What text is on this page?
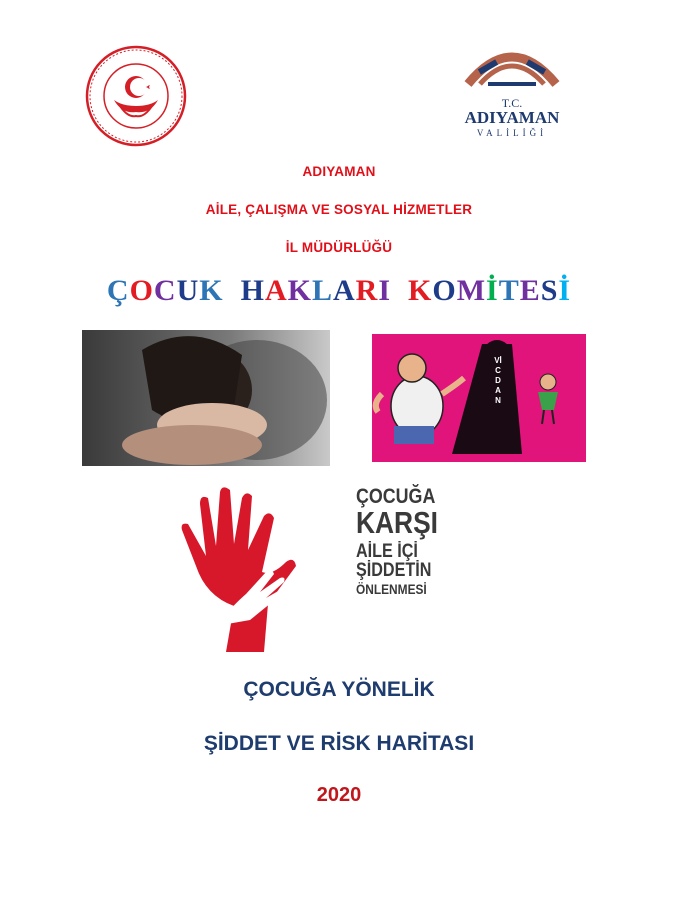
T.C.
ADIYAMAN
VALİLİĞİ
ADIYAMAN
AİLE, ÇALIŞMA VE SOSYAL HİZMETLER
İL MÜDÜRLÜĞÜ
ÇOCUK HAKLARI KOMİTESİ
VİCDAN
ÇOCUĞA
KARŞI
AİLE İÇİ
ŞİDDETİN
ÖNLENMESİ
ÇOCUĞA YÖNELİK
ŞİDDET VE RİSK HARİTASI
2020
